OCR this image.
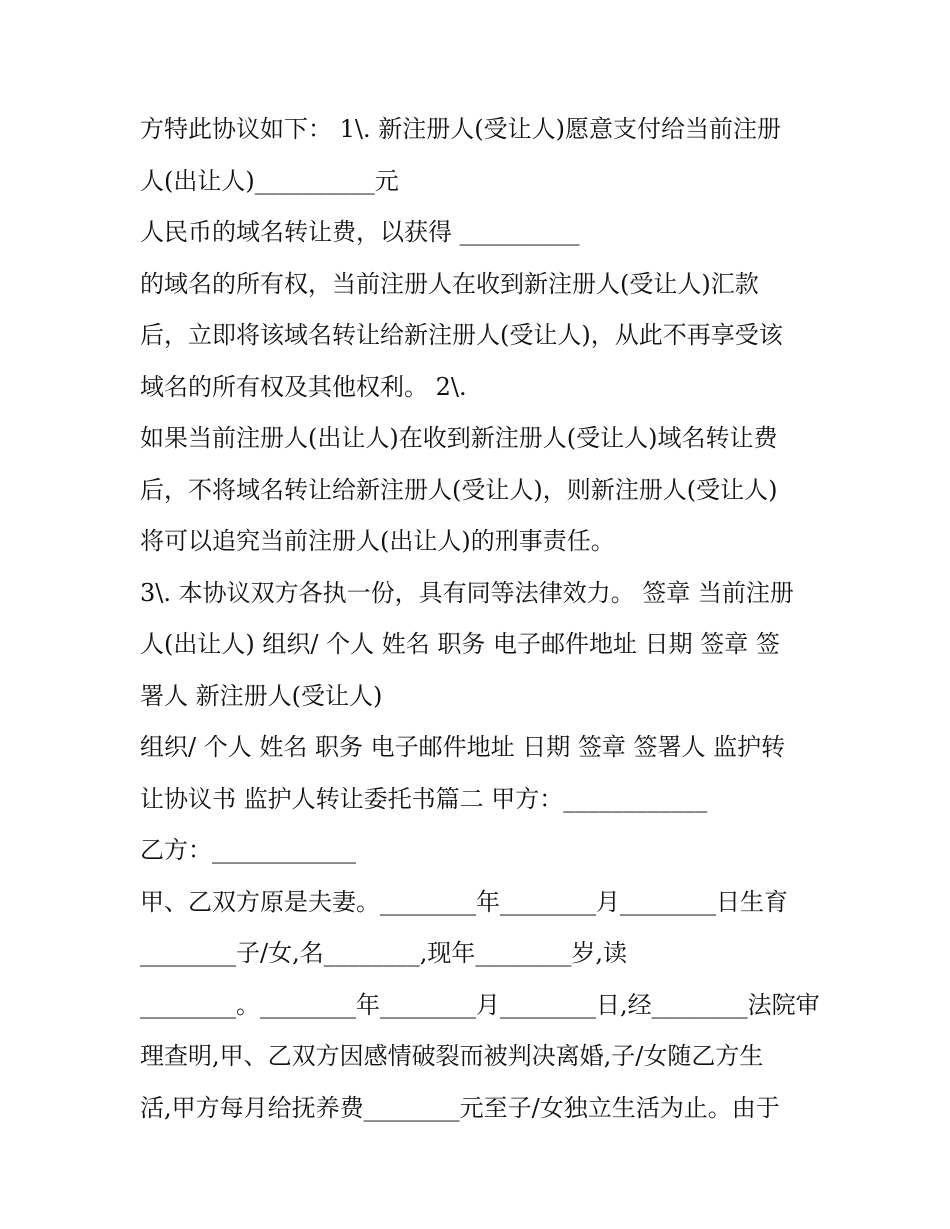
方特此协议如下： 1\. 新注册人(受让人)愿意支付给当前注册
人(出让人)__________元
人民币的域名转让费，以获得 __________
的域名的所有权，当前注册人在收到新注册人(受让人)汇款
后，立即将该域名转让给新注册人(受让人)，从此不再享受该
域名的所有权及其他权利。 2\.
如果当前注册人(出让人)在收到新注册人(受让人)域名转让费
后，不将域名转让给新注册人(受让人)，则新注册人(受让人)
将可以追究当前注册人(出让人)的刑事责任。
3\. 本协议双方各执一份，具有同等法律效力。 签章 当前注册
人(出让人) 组织/ 个人 姓名 职务 电子邮件地址 日期 签章 签
署人 新注册人(受让人)
组织/ 个人 姓名 职务 电子邮件地址 日期 签章 签署人 监护转
让协议书 监护人转让委托书篇二 甲方：____________
乙方：____________
甲、乙双方原是夫妻。________年________月________日生育
________子/女,名________,现年________岁,读
________。________年________月________日,经________法院审
理查明,甲、乙双方因感情破裂而被判决离婚,子/女随乙方生
活,甲方每月给抚养费________元至子/女独立生活为止。由于
